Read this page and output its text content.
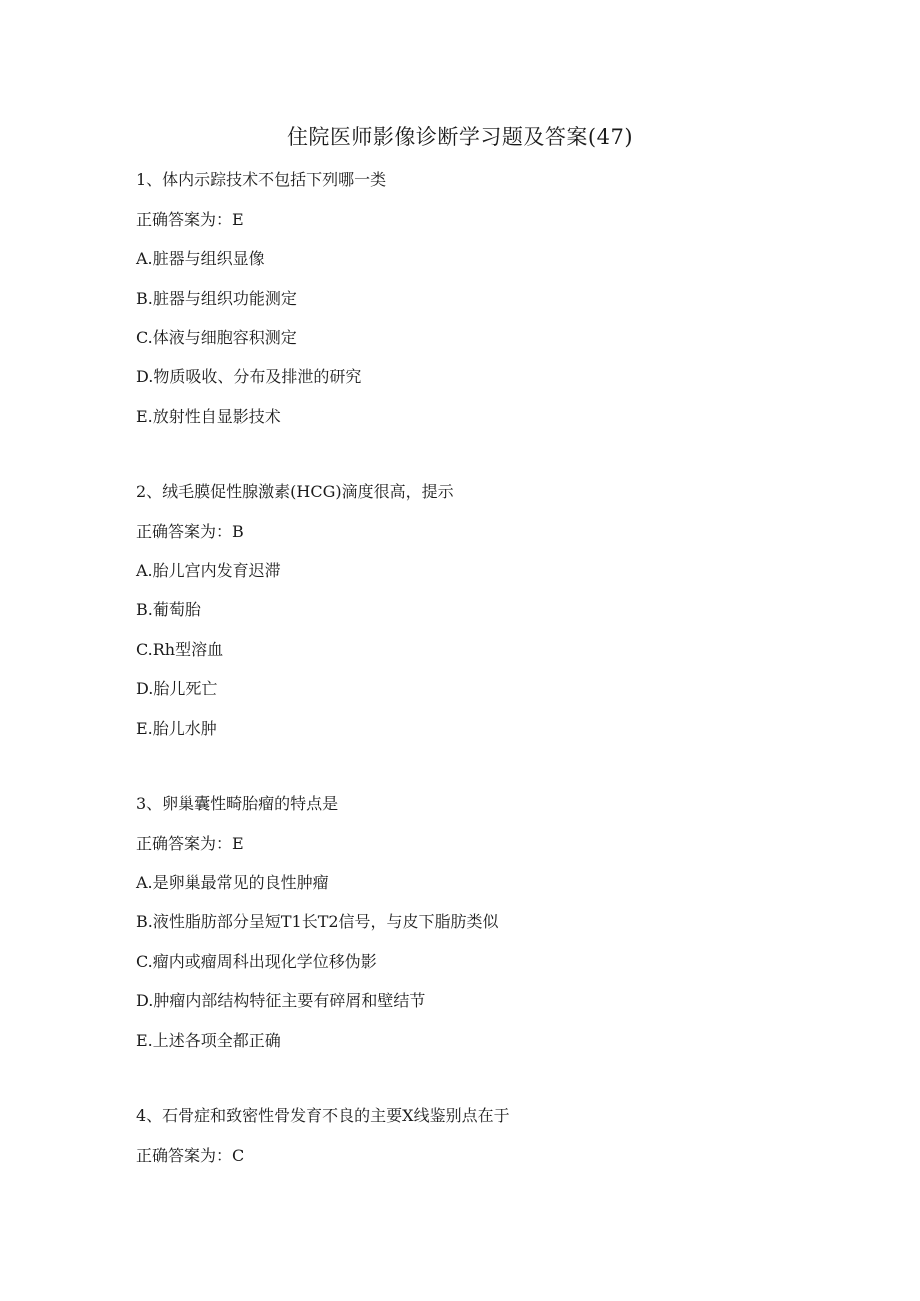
住院医师影像诊断学习题及答案(47)
1、体内示踪技术不包括下列哪一类
正确答案为：E
A.脏器与组织显像
B.脏器与组织功能测定
C.体液与细胞容积测定
D.物质吸收、分布及排泄的研究
E.放射性自显影技术
2、绒毛膜促性腺激素(HCG)滴度很高，提示
正确答案为：B
A.胎儿宫内发育迟滞
B.葡萄胎
C.Rh型溶血
D.胎儿死亡
E.胎儿水肿
3、卵巢囊性畸胎瘤的特点是
正确答案为：E
A.是卵巢最常见的良性肿瘤
B.液性脂肪部分呈短T1长T2信号，与皮下脂肪类似
C.瘤内或瘤周科出现化学位移伪影
D.肿瘤内部结构特征主要有碎屑和壁结节
E.上述各项全都正确
4、石骨症和致密性骨发育不良的主要X线鉴别点在于
正确答案为：C
